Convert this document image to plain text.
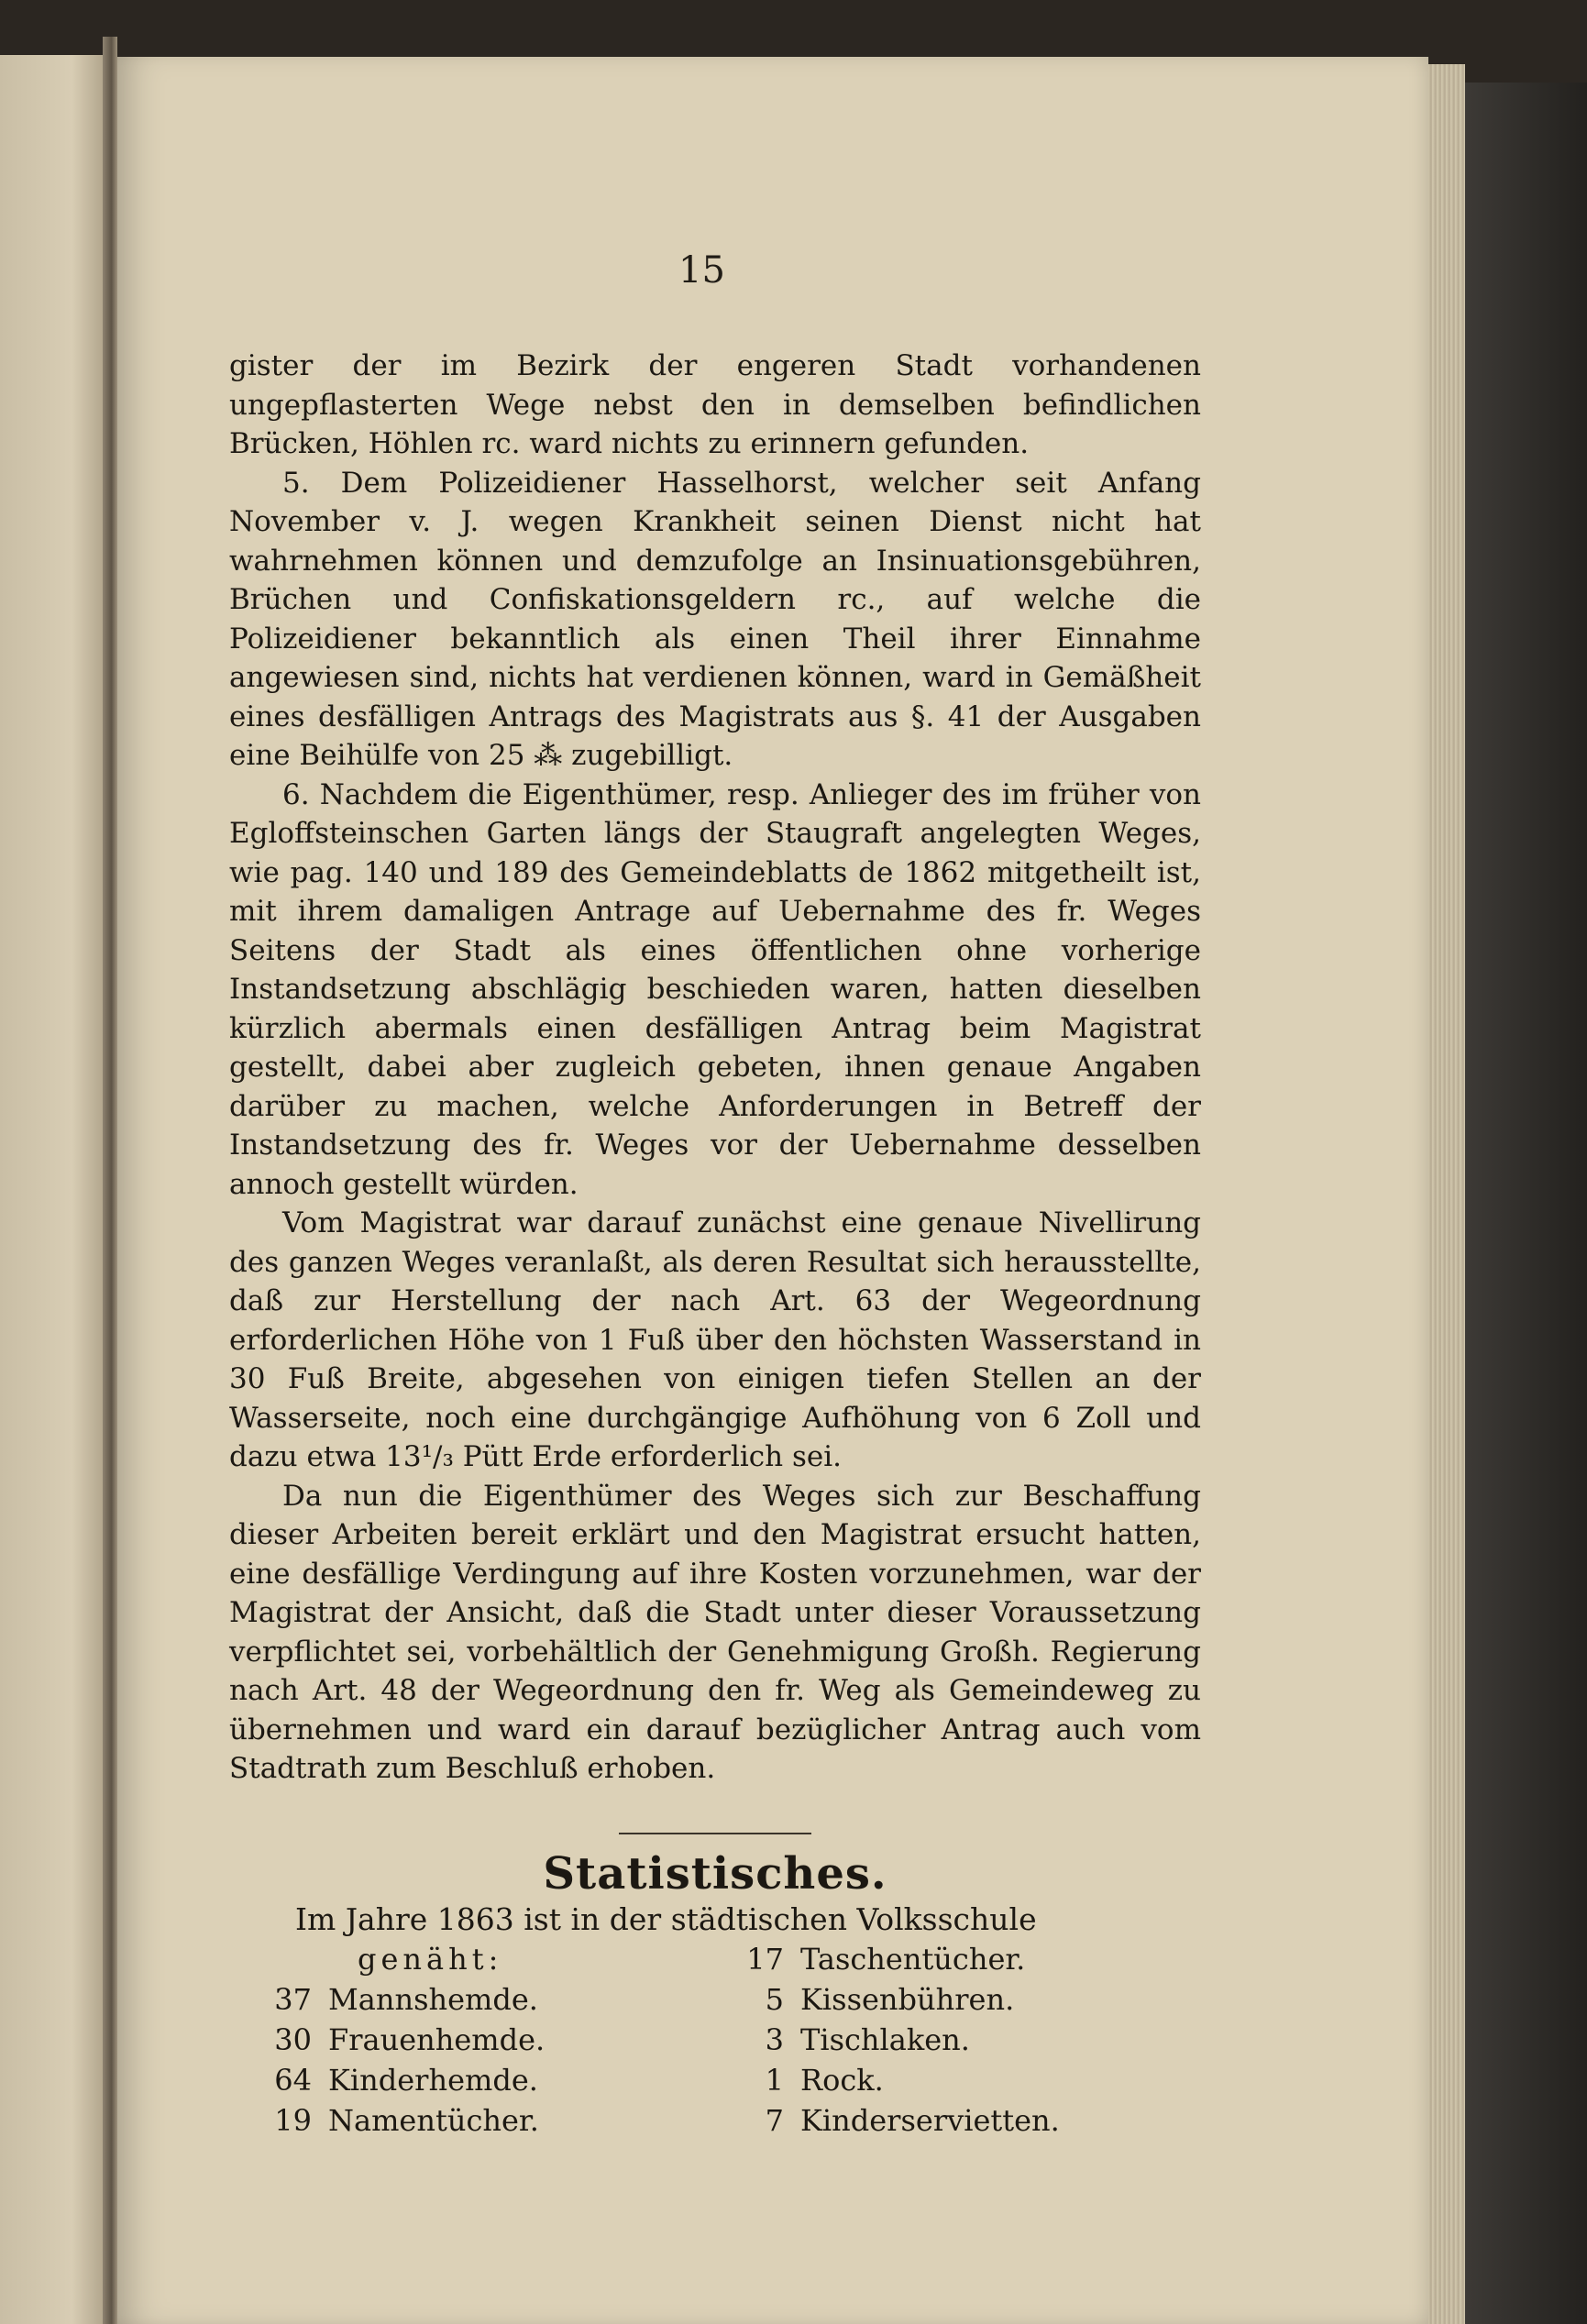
15

gister der im Bezirk der engeren Stadt vorhandenen ungepflasterten Wege nebst den in demselben befindlichen Brücken, Höhlen rc. ward nichts zu erinnern gefunden.

5. Dem Polizeidiener Hasselhorst, welcher seit Anfang November v. J. wegen Krankheit seinen Dienst nicht hat wahrnehmen können und demzufolge an Insinuationsgebühren, Brüchen und Confiskationsgeldern rc., auf welche die Polizeidiener bekanntlich als einen Theil ihrer Einnahme angewiesen sind, nichts hat verdienen können, ward in Gemäßheit eines desfälligen Antrags des Magistrats aus §. 41 der Ausgaben eine Beihülfe von 25 ⁂ zugebilligt.

6. Nachdem die Eigenthümer, resp. Anlieger des im früher von Egloffsteinschen Garten längs der Staugraft angelegten Weges, wie pag. 140 und 189 des Gemeindeblatts de 1862 mitgetheilt ist, mit ihrem damaligen Antrage auf Uebernahme des fr. Weges Seitens der Stadt als eines öffentlichen ohne vorherige Instandsetzung abschlägig beschieden waren, hatten dieselben kürzlich abermals einen desfälligen Antrag beim Magistrat gestellt, dabei aber zugleich gebeten, ihnen genaue Angaben darüber zu machen, welche Anforderungen in Betreff der Instandsetzung des fr. Weges vor der Uebernahme desselben annoch gestellt würden.

Vom Magistrat war darauf zunächst eine genaue Nivellirung des ganzen Weges veranlaßt, als deren Resultat sich herausstellte, daß zur Herstellung der nach Art. 63 der Wegeordnung erforderlichen Höhe von 1 Fuß über den höchsten Wasserstand in 30 Fuß Breite, abgesehen von einigen tiefen Stellen an der Wasserseite, noch eine durchgängige Aufhöhung von 6 Zoll und dazu etwa 13¹/₃ Pütt Erde erforderlich sei.

Da nun die Eigenthümer des Weges sich zur Beschaffung dieser Arbeiten bereit erklärt und den Magistrat ersucht hatten, eine desfällige Verdingung auf ihre Kosten vorzunehmen, war der Magistrat der Ansicht, daß die Stadt unter dieser Voraussetzung verpflichtet sei, vorbehältlich der Genehmigung Großh. Regierung nach Art. 48 der Wegeordnung den fr. Weg als Gemeindeweg zu übernehmen und ward ein darauf bezüglicher Antrag auch vom Stadtrath zum Beschluß erhoben.

Statistisches.
Im Jahre 1863 ist in der städtischen Volksschule
genäht:
37 Mannshemde.
30 Frauenhemde.
64 Kinderhemde.
19 Namentücher.
17 Taschentücher.
5 Kissenbühren.
3 Tischlaken.
1 Rock.
7 Kinderservietten.
